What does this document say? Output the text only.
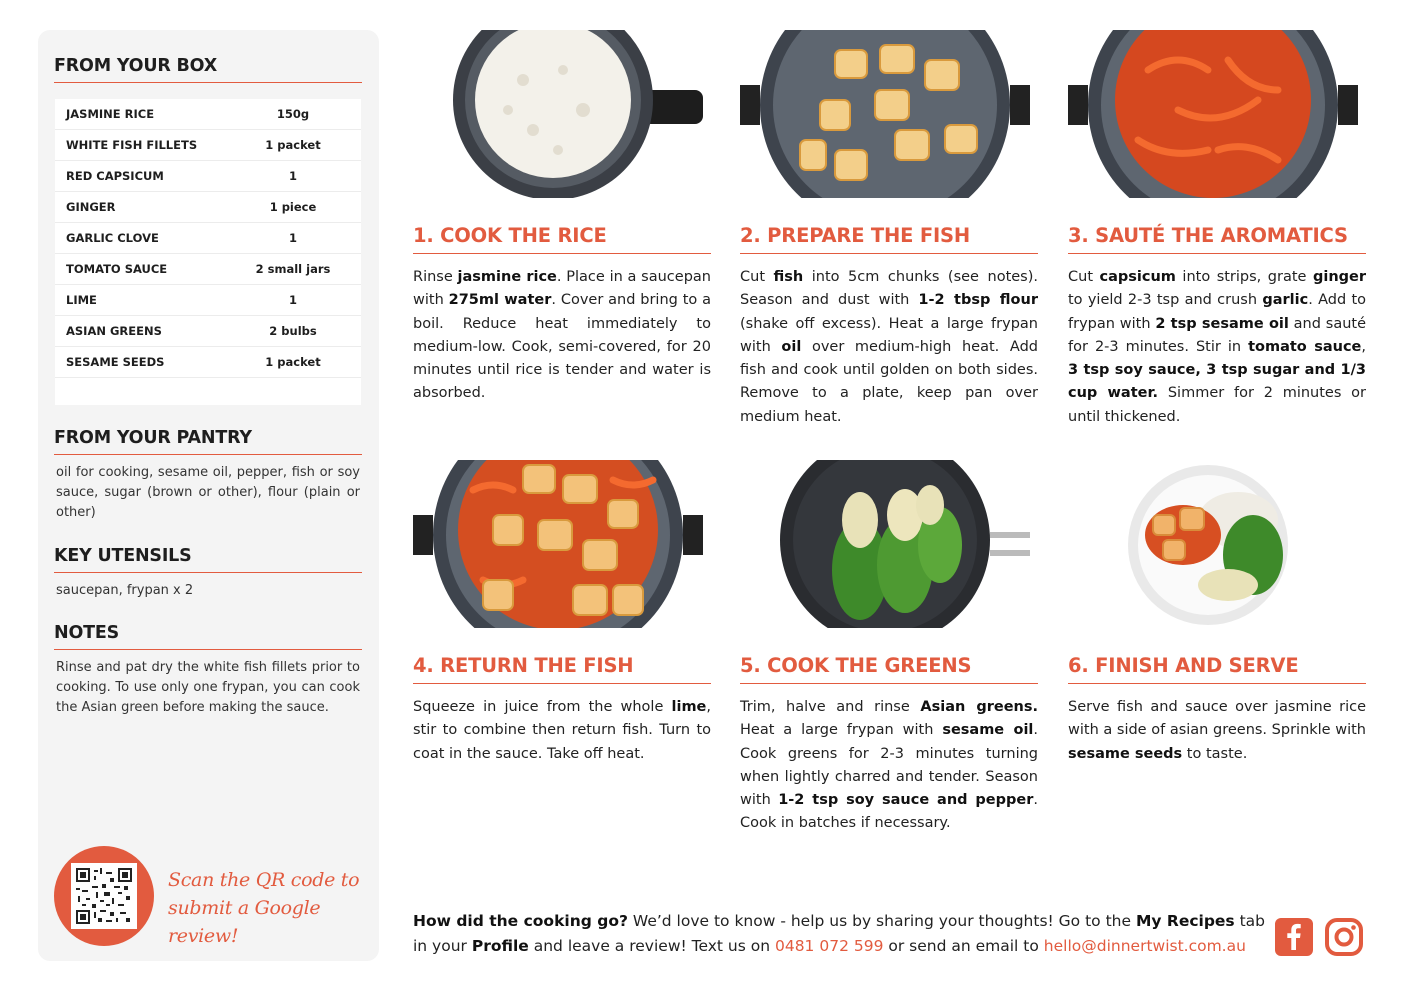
FROM YOUR BOX
JASMINE RICE	150g
WHITE FISH FILLETS	1 packet
RED CAPSICUM	1
GINGER	1 piece
GARLIC CLOVE	1
TOMATO SAUCE	2 small jars
LIME	1
ASIAN GREENS	2 bulbs
SESAME SEEDS	1 packet
FROM YOUR PANTRY
oil for cooking, sesame oil, pepper, fish or soy sauce, sugar (brown or other), flour (plain or other)
KEY UTENSILS
saucepan, frypan x 2
NOTES
Rinse and pat dry the white fish fillets prior to cooking. To use only one frypan, you can cook the Asian green before making the sauce.
Scan the QR code to
submit a Google review!
1. COOK THE RICE
Rinse jasmine rice. Place in a saucepan with 275ml water. Cover and bring to a boil. Reduce heat immediately to medium-low. Cook, semi-covered, for 20 minutes until rice is tender and water is absorbed.
2. PREPARE THE FISH
Cut fish into 5cm chunks (see notes). Season and dust with 1-2 tbsp flour (shake off excess). Heat a large frypan with oil over medium-high heat. Add fish and cook until golden on both sides. Remove to a plate, keep pan over medium heat.
3. SAUTÉ THE AROMATICS
Cut capsicum into strips, grate ginger to yield 2-3 tsp and crush garlic. Add to frypan with 2 tsp sesame oil and sauté for 2-3 minutes. Stir in tomato sauce, 3 tsp soy sauce, 3 tsp sugar and 1/3 cup water. Simmer for 2 minutes or until thickened.
4. RETURN THE FISH
Squeeze in juice from the whole lime, stir to combine then return fish. Turn to coat in the sauce. Take off heat.
5. COOK THE GREENS
Trim, halve and rinse Asian greens. Heat a large frypan with sesame oil. Cook greens for 2-3 minutes turning when lightly charred and tender. Season with 1-2 tsp soy sauce and pepper. Cook in batches if necessary.
6. FINISH AND SERVE
Serve fish and sauce over jasmine rice with a side of asian greens. Sprinkle with sesame seeds to taste.
How did the cooking go? We’d love to know - help us by sharing your thoughts! Go to the My Recipes tab in your Profile and leave a review! Text us on 0481 072 599 or send an email to hello@dinnertwist.com.au
